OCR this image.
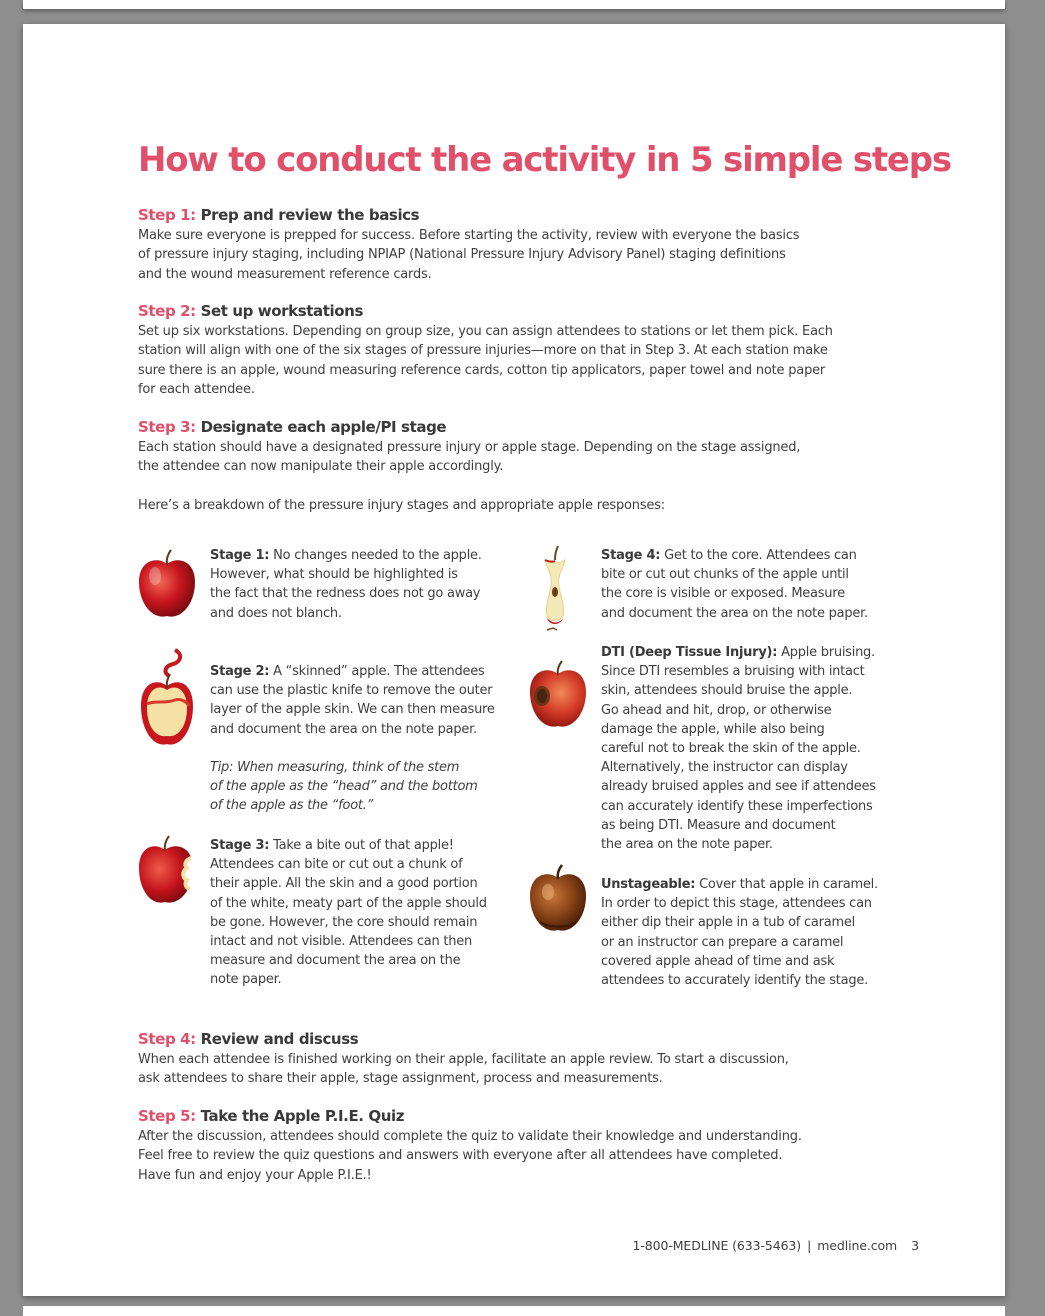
How to conduct the activity in 5 simple steps
Step 1: Prep and review the basics

Make sure everyone is prepped for success. Before starting the activity, review with everyone the basics

of pressure injury staging, including NPIAP (National Pressure Injury Advisory Panel) staging definitions

and the wound measurement reference cards.

Step 2: Set up workstations

Set up six workstations. Depending on group size, you can assign attendees to stations or let them pick. Each

station will align with one of the six stages of pressure injuries—more on that in Step 3. At each station make

sure there is an apple, wound measuring reference cards, cotton tip applicators, paper towel and note paper

for each attendee.

Step 3: Designate each apple/PI stage

Each station should have a designated pressure injury or apple stage. Depending on the stage assigned,

the attendee can now manipulate their apple accordingly.

Here’s a breakdown of the pressure injury stages and appropriate apple responses:
Stage 1: No changes needed to the apple.
However, what should be highlighted is
the fact that the redness does not go away
and does not blanch.
Stage 2: A “skinned” apple. The attendees
can use the plastic knife to remove the outer
layer of the apple skin. We can then measure
and document the area on the note paper.
Tip: When measuring, think of the stem
of the apple as the “head” and the bottom
of the apple as the “foot.”
Stage 3: Take a bite out of that apple!
Attendees can bite or cut out a chunk of
their apple. All the skin and a good portion
of the white, meaty part of the apple should
be gone. However, the core should remain
intact and not visible. Attendees can then
measure and document the area on the
note paper.
Stage 4: Get to the core. Attendees can
bite or cut out chunks of the apple until
the core is visible or exposed. Measure
and document the area on the note paper.
DTI (Deep Tissue Injury): Apple bruising.
Since DTI resembles a bruising with intact
skin, attendees should bruise the apple.
Go ahead and hit, drop, or otherwise
damage the apple, while also being
careful not to break the skin of the apple.
Alternatively, the instructor can display
already bruised apples and see if attendees
can accurately identify these imperfections
as being DTI. Measure and document
the area on the note paper.
Unstageable: Cover that apple in caramel.
In order to depict this stage, attendees can
either dip their apple in a tub of caramel
or an instructor can prepare a caramel
covered apple ahead of time and ask
attendees to accurately identify the stage.
Step 4: Review and discuss

When each attendee is finished working on their apple, facilitate an apple review. To start a discussion,

ask attendees to share their apple, stage assignment, process and measurements.

Step 5: Take the Apple P.I.E. Quiz

After the discussion, attendees should complete the quiz to validate their knowledge and understanding.

Feel free to review the quiz questions and answers with everyone after all attendees have completed.

Have fun and enjoy your Apple P.I.E.!

1-800-MEDLINE (633-5463) | medline.com 3
